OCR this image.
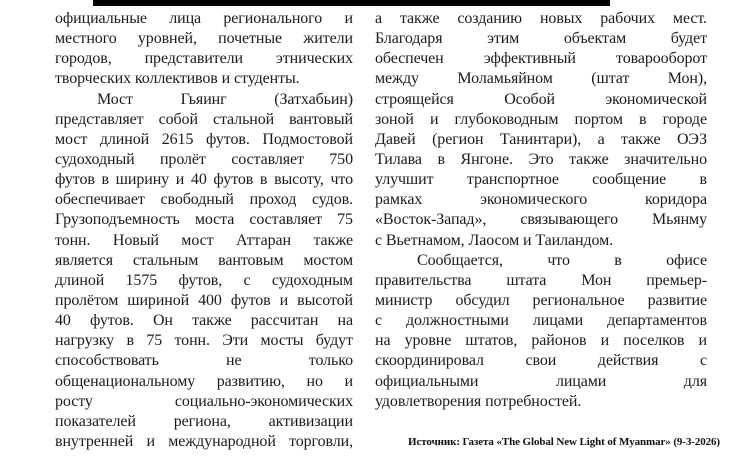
официальные лица регионального и
местного уровней, почетные жители
городов, представители этнических
творческих коллективов и студенты.
Мост	Гьяинг	(Затхабьин)
представляет собой стальной вантовый
мост длиной 2615 футов. Подмостовой
судоходный пролёт составляет 750
футов в ширину и 40 футов в высоту, что
обеспечивает свободный проход судов.
Грузоподъемность моста составляет 75
тонн. Новый мост Аттаран также
является стальным вантовым мостом
длиной 1575 футов, с судоходным
пролётом шириной 400 футов и высотой
40 футов. Он также рассчитан на
нагрузку в 75 тонн. Эти мосты будут
способствовать	не	только
общенациональному развитию, но и
росту	социально-экономических
показателей региона, активизации
внутренней и международной торговли,
а также созданию новых рабочих мест.
Благодаря	этим	объектам	будет
обеспечен	эффективный	товарооборот
между Моламьяйном (штат Мон),
строящейся	Особой	экономической
зоной и глубоководным портом в городе
Давей (регион Танинтари), а также ОЭЗ
Тилава в Янгоне. Это также значительно
улучшит транспортное сообщение в
рамках	экономического	коридора
«Восток-Запад», связывающего Мьянму
с Вьетнамом, Лаосом и Таиландом.
Сообщается,	что	в	офисе
правительства штата Мон премьер-
министр обсудил региональное развитие
с должностными лицами департаментов
на уровне штатов, районов и поселков и
скоординировал	свои	действия	с
официальными	лицами	для
удовлетворения потребностей.
Источник: Газета «The Global New Light of Myanmar» (9-3-2026)
